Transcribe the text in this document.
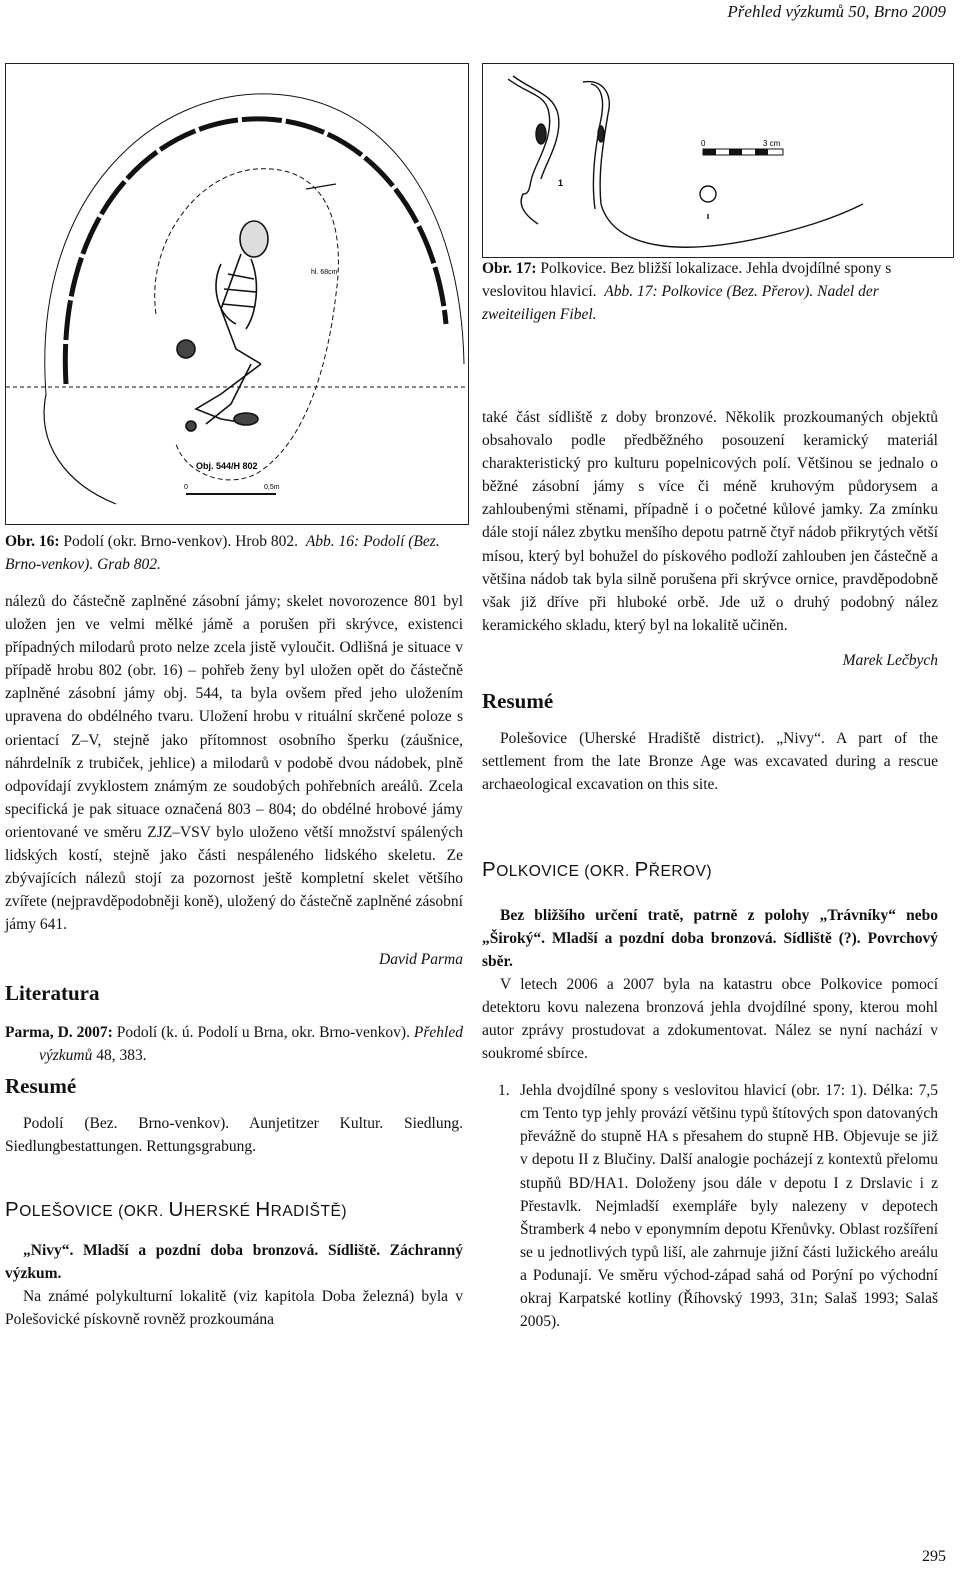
Přehled výzkumů 50, Brno 2009
hl. 68cm
Obj. 544/H 802
0	0,5m
Obr. 16: Podolí (okr. Brno-venkov). Hrob 802. Abb. 16: Podolí (Bez. Brno-venkov). Grab 802.
0	3 cm
1
Obr. 17: Polkovice. Bez bližší lokalizace. Jehla dvojdílné spony s veslovitou hlavicí. Abb. 17: Polkovice (Bez. Přerov). Nadel der zweiteiligen Fibel.

nálezů do částečně zaplněné zásobní jámy; skelet novorozence 801 byl uložen jen ve velmi mělké jámě a porušen při skrývce, existenci případných milodarů proto nelze zcela jistě vyloučit. Odlišná je situace v případě hrobu 802 (obr. 16) – pohřeb ženy byl uložen opět do částečně zaplněné zásobní jámy obj. 544, ta byla ovšem před jeho uložením upravena do obdélného tvaru. Uložení hrobu v rituální skrčené poloze s orientací Z–V, stejně jako přítomnost osobního šperku (záušnice, náhrdelník z trubiček, jehlice) a milodarů v podobě dvou nádobek, plně odpovídají zvyklostem známým ze soudobých pohřebních areálů. Zcela specifická je pak situace označená 803 – 804; do obdélné hrobové jámy orientované ve směru ZJZ–VSV bylo uloženo větší množství spálených lidských kostí, stejně jako části nespáleného lidského skeletu. Ze zbývajících nálezů stojí za pozornost ještě kompletní skelet většího zvířete (nejpravděpodobněji koně), uložený do částečně zaplněné zásobní jámy 641.

David Parma

Literatura

Parma, D. 2007: Podolí (k. ú. Podolí u Brna, okr. Brno-venkov). Přehled výzkumů 48, 383.

Resumé

Podolí (Bez. Brno-venkov). Aunjetitzer Kultur. Siedlung. Siedlungbestattungen. Rettungsgrabung.

POLEŠOVICE (OKR. UHERSKÉ HRADIŠTĚ)

„Nivy“. Mladší a pozdní doba bronzová. Sídliště. Záchranný výzkum.

Na známé polykulturní lokalitě (viz kapitola Doba železná) byla v Polešovické pískovně rovněž prozkoumána

také část sídliště z doby bronzové. Několik prozkoumaných objektů obsahovalo podle předběžného posouzení keramický materiál charakteristický pro kulturu popelnicových polí. Většinou se jednalo o běžné zásobní jámy s více či méně kruhovým půdorysem a zahloubenými stěnami, případně i o početné kůlové jamky. Za zmínku dále stojí nález zbytku menšího depotu patrně čtyř nádob přikrytých větší mísou, který byl bohužel do pískového podloží zahlouben jen částečně a většina nádob tak byla silně porušena při skrývce ornice, pravděpodobně však již dříve při hluboké orbě. Jde už o druhý podobný nález keramického skladu, který byl na lokalitě učiněn.

Marek Lečbych

Resumé

Polešovice (Uherské Hradiště district). „Nivy“. A part of the settlement from the late Bronze Age was excavated during a rescue archaeological excavation on this site.

POLKOVICE (OKR. PŘEROV)

Bez bližšího určení tratě, patrně z polohy „Trávníky“ nebo „Široký“. Mladší a pozdní doba bronzová. Sídliště (?). Povrchový sběr.

V letech 2006 a 2007 byla na katastru obce Polkovice pomocí detektoru kovu nalezena bronzová jehla dvojdílné spony, kterou mohl autor zprávy prostudovat a zdokumentovat. Nález se nyní nachází v soukromé sbírce.

1. Jehla dvojdílné spony s veslovitou hlavicí (obr. 17: 1). Délka: 7,5 cm Tento typ jehly provází většinu typů štítových spon datovaných převážně do stupně HA s přesahem do stupně HB. Objevuje se již v depotu II z Blučiny. Další analogie pocházejí z kontextů přelomu stupňů BD/HA1. Doloženy jsou dále v depotu I z Drslavic i z Přestavlk. Nejmladší exempláře byly nalezeny v depotech Štramberk 4 nebo v eponymním depotu Křenůvky. Oblast rozšíření se u jednotlivých typů liší, ale zahrnuje jižní části lužického areálu a Podunají. Ve směru východ-západ sahá od Porýní po východní okraj Karpatské kotliny (Říhovský 1993, 31n; Salaš 1993; Salaš 2005).
295
